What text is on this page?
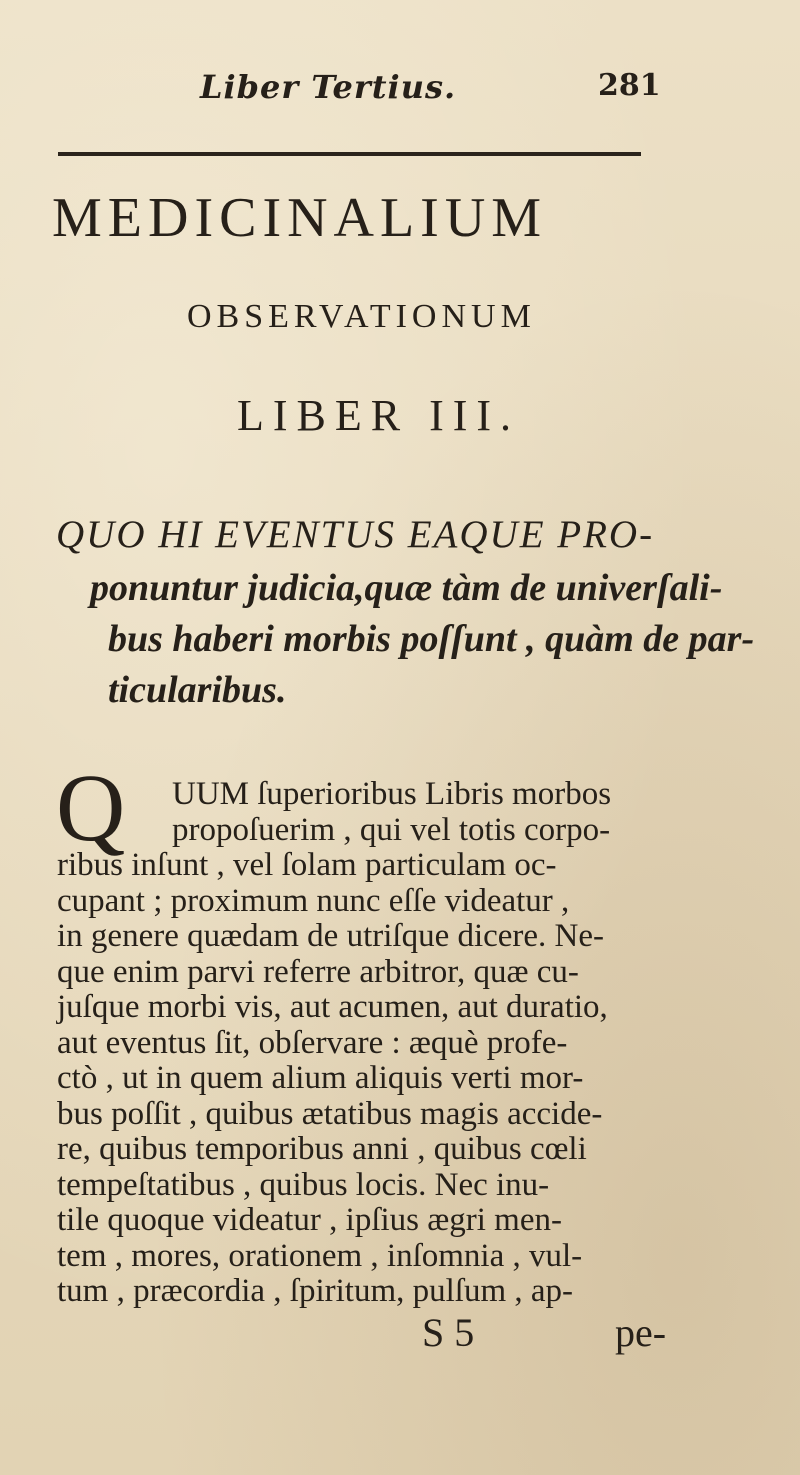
Liber Tertius.	281
MEDICINALIUM
OBSERVATIONUM
LIBER III.
QUO HI EVENTUS EAQUE PRO-
ponuntur judicia,quæ tàm de univerſali-
bus haberi morbis poſſunt , quàm de par-
ticularibus.
Q UUM ſuperioribus Libris morbos
propoſuerim , qui vel totis corpo-
ribus inſunt , vel ſolam particulam oc-
cupant ; proximum nunc eſſe videatur ,
in genere quædam de utriſque dicere. Ne-
que enim parvi referre arbitror, quæ cu-
juſque morbi vis, aut acumen, aut duratio,
aut eventus ſit, obſervare : æquè profe-
ctò , ut in quem alium aliquis verti mor-
bus poſſit , quibus ætatibus magis accide-
re, quibus temporibus anni , quibus cœli
tempeſtatibus , quibus locis. Nec inu-
tile quoque videatur , ipſius ægri men-
tem , mores, orationem , inſomnia , vul-
tum , præcordia , ſpiritum, pulſum , ap-
S 5	pe-
